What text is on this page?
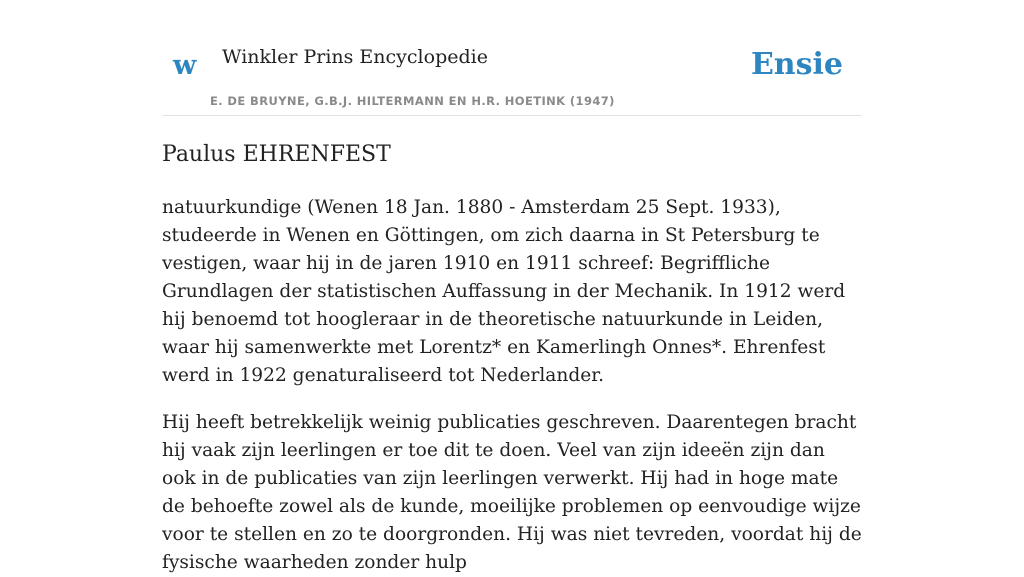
w Winkler Prins Encyclopedie
E. DE BRUYNE, G.B.J. HILTERMANN EN H.R. HOETINK (1947)
Ensie
Paulus EHRENFEST

natuurkundige (Wenen 18 Jan. 1880 - Amsterdam 25 Sept. 1933), studeerde in Wenen en Göttingen, om zich daarna in St Petersburg te vestigen, waar hij in de jaren 1910 en 1911 schreef: Begriffliche Grundlagen der statistischen Auffassung in der Mechanik. In 1912 werd hij benoemd tot hoogleraar in de theoretische natuurkunde in Leiden, waar hij samenwerkte met Lorentz* en Kamerlingh Onnes*. Ehrenfest werd in 1922 genaturaliseerd tot Nederlander.

Hij heeft betrekkelijk weinig publicaties geschreven. Daarentegen bracht hij vaak zijn leerlingen er toe dit te doen. Veel van zijn ideeën zijn dan ook in de publicaties van zijn leerlingen verwerkt. Hij had in hoge mate de behoefte zowel als de kunde, moeilijke problemen op eenvoudige wijze voor te stellen en zo te doorgronden. Hij was niet tevreden, voordat hij de fysische waarheden zonder hulp
